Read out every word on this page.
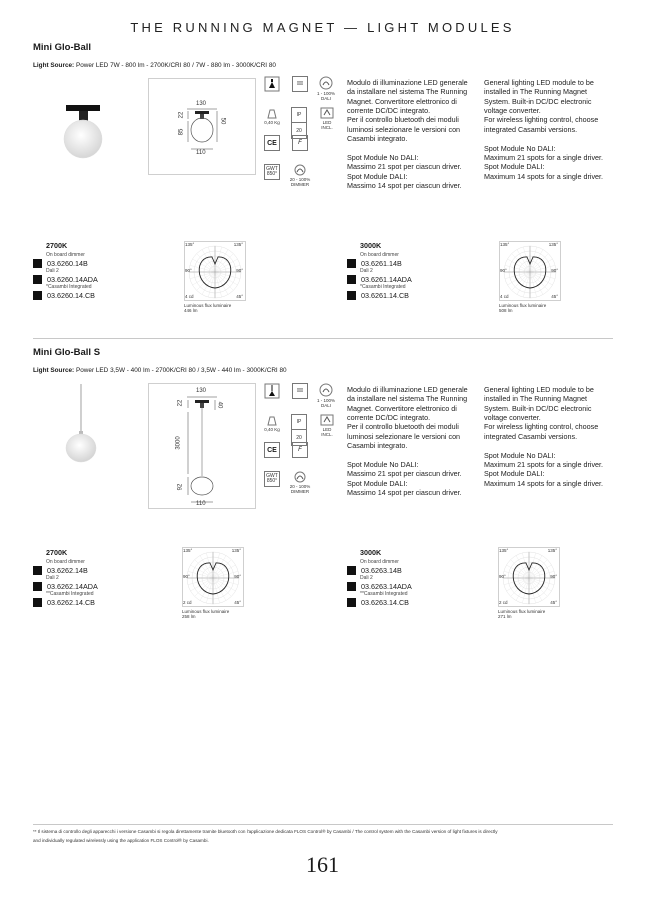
THE RUNNING MAGNET — LIGHT MODULES
Mini Glo-Ball
Light Source: Power LED 7W - 800 lm - 2700K/CRI 80 / 7W - 880 lm - 3000K/CRI 80
130
22
50
85
110
III
1 - 100%
DALI
0,40 Kg
IP
20
LED INCL.
CE	F
GWT
850°
20 - 100%
DIMMER

Modulo di illuminazione LED generale da installare nel sistema The Running Magnet. Convertitore elettronico di corrente DC/DC integrato.

Per il controllo bluetooth dei moduli luminosi selezionare le versioni con Casambi integrato.

Spot Module No DALI:

Massimo 21 spot per ciascun driver.

Spot Module DALI:

Massimo 14 spot per ciascun driver.

General lighting LED module to be installed in The Running Magnet System. Built-in DC/DC electronic voltage converter.

For wireless lighting control, choose integrated Casambi versions.

Spot Module No DALI:

Maximum 21 spots for a single driver.

Spot Module DALI:

Maximum 14 spots for a single driver.

2700K
On board dimmer
03.6260.14B
Dali 2
03.6260.14ADA
*Casambi Integrated
03.6260.14.CB
3000K
On board dimmer
03.6261.14B
Dali 2
03.6261.14ADA
*Casambi Integrated
03.6261.14.CB
135°	135°
90°	90°
4 cd	45°
Luminous flux luminaire
446 lm
135°	135°
90°	90°
4 cd	45°
Luminous flux luminaire
508 lm
Mini Glo-Ball S
Light Source: Power LED 3,5W - 400 lm - 2700K/CRI 80 / 3,5W - 440 lm - 3000K/CRI 80
130
22	40
3000
92
110
III
1 - 100%
DALI
0,40 Kg
IP
20
LED INCL.
CE	F
GWT
850°
20 - 100%
DIMMER

Modulo di illuminazione LED generale da installare nel sistema The Running Magnet. Convertitore elettronico di corrente DC/DC integrato.

Per il controllo bluetooth dei moduli luminosi selezionare le versioni con Casambi integrato.

Spot Module No DALI:

Massimo 21 spot per ciascun driver.

Spot Module DALI:

Massimo 14 spot per ciascun driver.

General lighting LED module to be installed in The Running Magnet System. Built-in DC/DC electronic voltage converter.

For wireless lighting control, choose integrated Casambi versions.

Spot Module No DALI:

Maximum 21 spots for a single driver.

Spot Module DALI:

Maximum 14 spots for a single driver.

2700K
On board dimmer
03.6262.14B
Dali 2
03.6262.14ADA
**Casambi Integrated
03.6262.14.CB
3000K
On board dimmer
03.6263.14B
Dali 2
03.6263.14ADA
**Casambi Integrated
03.6263.14.CB
135°	135°
90°	90°
2 cd	45°
Luminous flux luminaire
258 lm
135°	135°
90°	90°
2 cd	45°
Luminous flux luminaire
271 lm
** Il sistema di controllo degli apparecchi i versione Casambi si regola direttamente tramite bluetooth con l'applicazione dedicata FLOS Control® by Casambi / The control system with the Casambi version of light fixtures is directly
and individually regulated wirelessly using the application FLOS Control® by Casambi.
161
